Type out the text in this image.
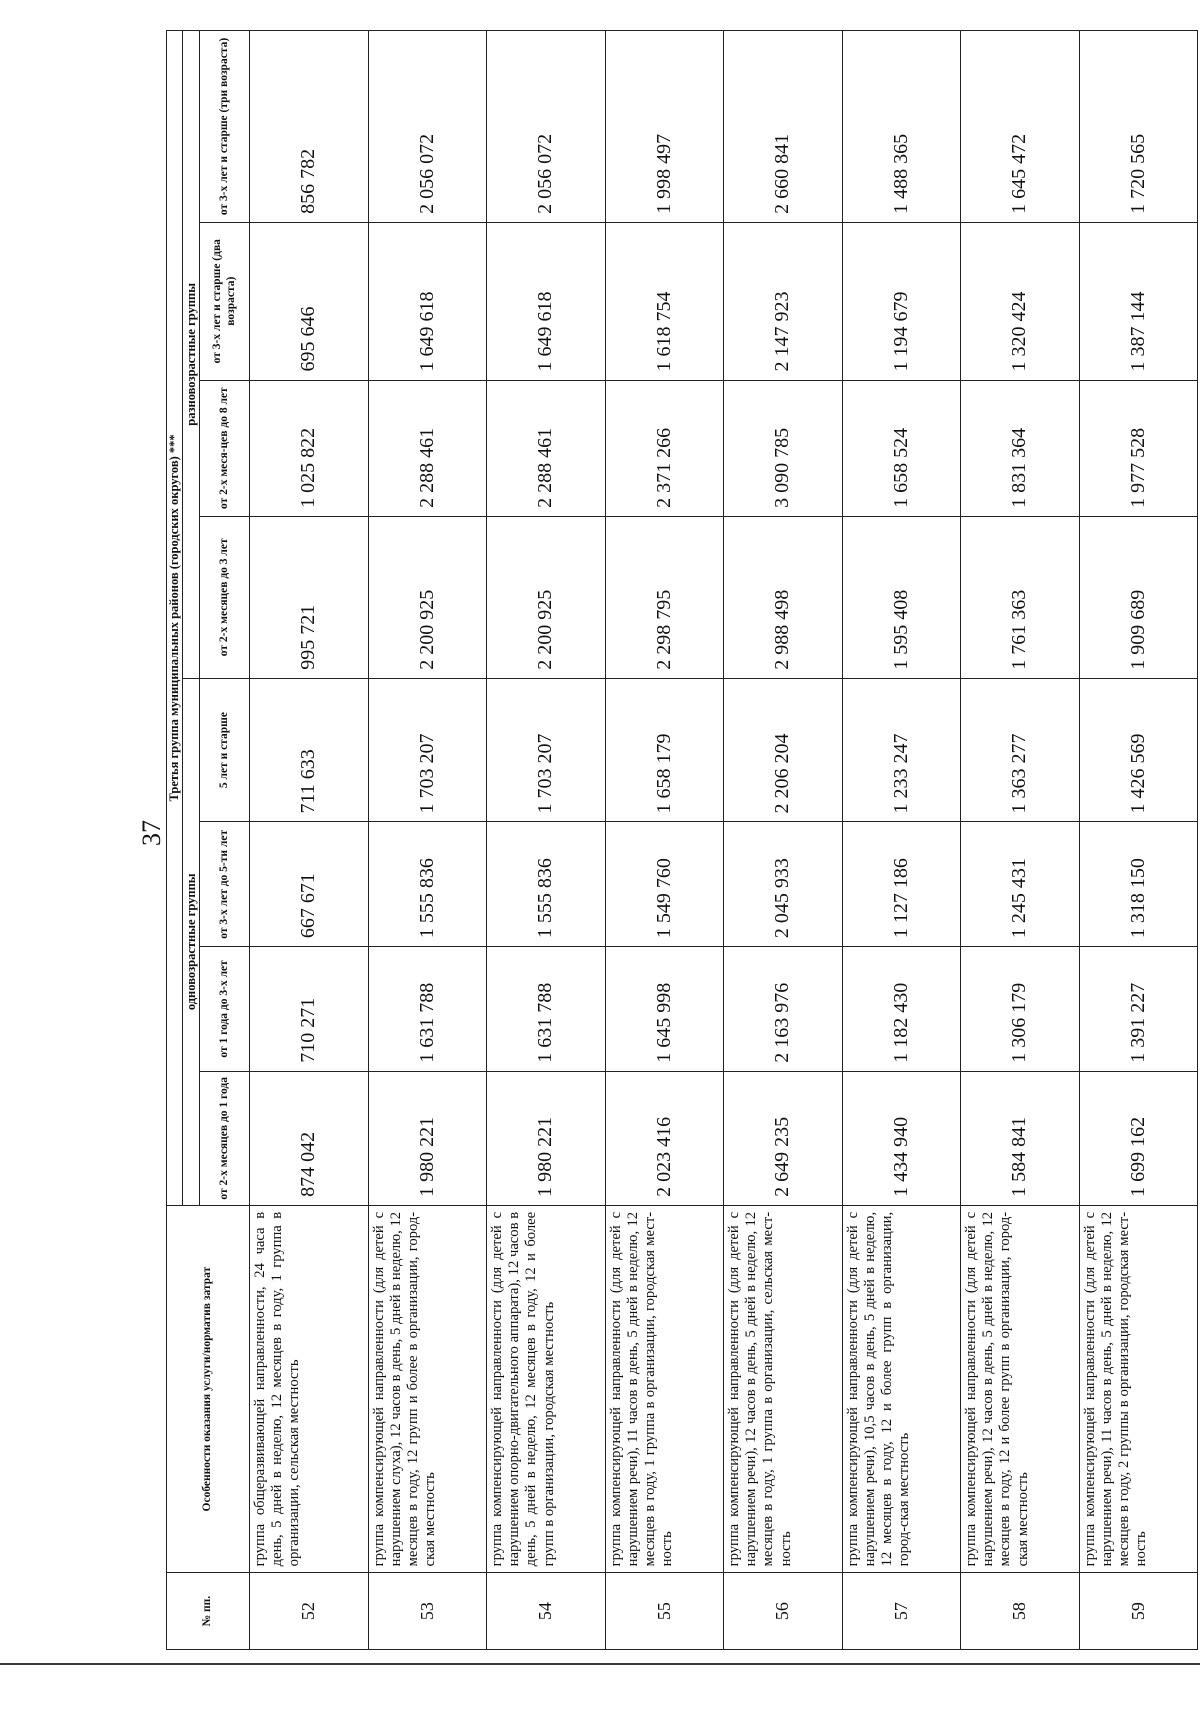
37
№ пп.	Особенности оказания услуги/норматив затрат	Третья группа муниципальных районов (городских округов) ***							
		одновозрастные группы				разновозрастные группы			
		от 2-х месяцев до 1 года	от 1 года до 3-х лет	от 3-х лет до 5-ти лет	5 лет и старше	от 2-х месяцев до 3 лет	от 2-х меся-цев до 8 лет	от 3-х лет и старше (два возраста)	от 3-х лет и старше (три возраста)
52	группа общеразвивающей направленности, 24 часа в день, 5 дней в неделю, 12 месяцев в году, 1 группа в организации, сельская местность	874 042	710 271	667 671	711 633	995 721	1 025 822	695 646	856 782
53	группа компенсирующей направленности (для детей с нарушением слуха), 12 часов в день, 5 дней в неделю, 12 месяцев в году, 12 групп и более в организации, город-ская местность	1 980 221	1 631 788	1 555 836	1 703 207	2 200 925	2 288 461	1 649 618	2 056 072
54	группа компенсирующей направленности (для детей с нарушением опорно-двигательного аппарата), 12 часов в день, 5 дней в неделю, 12 месяцев в году, 12 и более групп в организации, городская местность	1 980 221	1 631 788	1 555 836	1 703 207	2 200 925	2 288 461	1 649 618	2 056 072
55	группа компенсирующей направленности (для детей с нарушением речи), 11 часов в день, 5 дней в неделю, 12 месяцев в году, 1 группа в организации, городская мест-ность	2 023 416	1 645 998	1 549 760	1 658 179	2 298 795	2 371 266	1 618 754	1 998 497
56	группа компенсирующей направленности (для детей с нарушением речи), 12 часов в день, 5 дней в неделю, 12 месяцев в году, 1 группа в организации, сельская мест-ность	2 649 235	2 163 976	2 045 933	2 206 204	2 988 498	3 090 785	2 147 923	2 660 841
57	группа компенсирующей направленности (для детей с нарушением речи), 10,5 часов в день, 5 дней в неделю, 12 месяцев в году, 12 и более групп в организации, город-ская местность	1 434 940	1 182 430	1 127 186	1 233 247	1 595 408	1 658 524	1 194 679	1 488 365
58	группа компенсирующей направленности (для детей с нарушением речи), 12 часов в день, 5 дней в неделю, 12 месяцев в году, 12 и более групп в организации, город-ская местность	1 584 841	1 306 179	1 245 431	1 363 277	1 761 363	1 831 364	1 320 424	1 645 472
59	группа компенсирующей направленности (для детей с нарушением речи), 11 часов в день, 5 дней в неделю, 12 месяцев в году, 2 группы в организации, городская мест-ность	1 699 162	1 391 227	1 318 150	1 426 569	1 909 689	1 977 528	1 387 144	1 720 565
